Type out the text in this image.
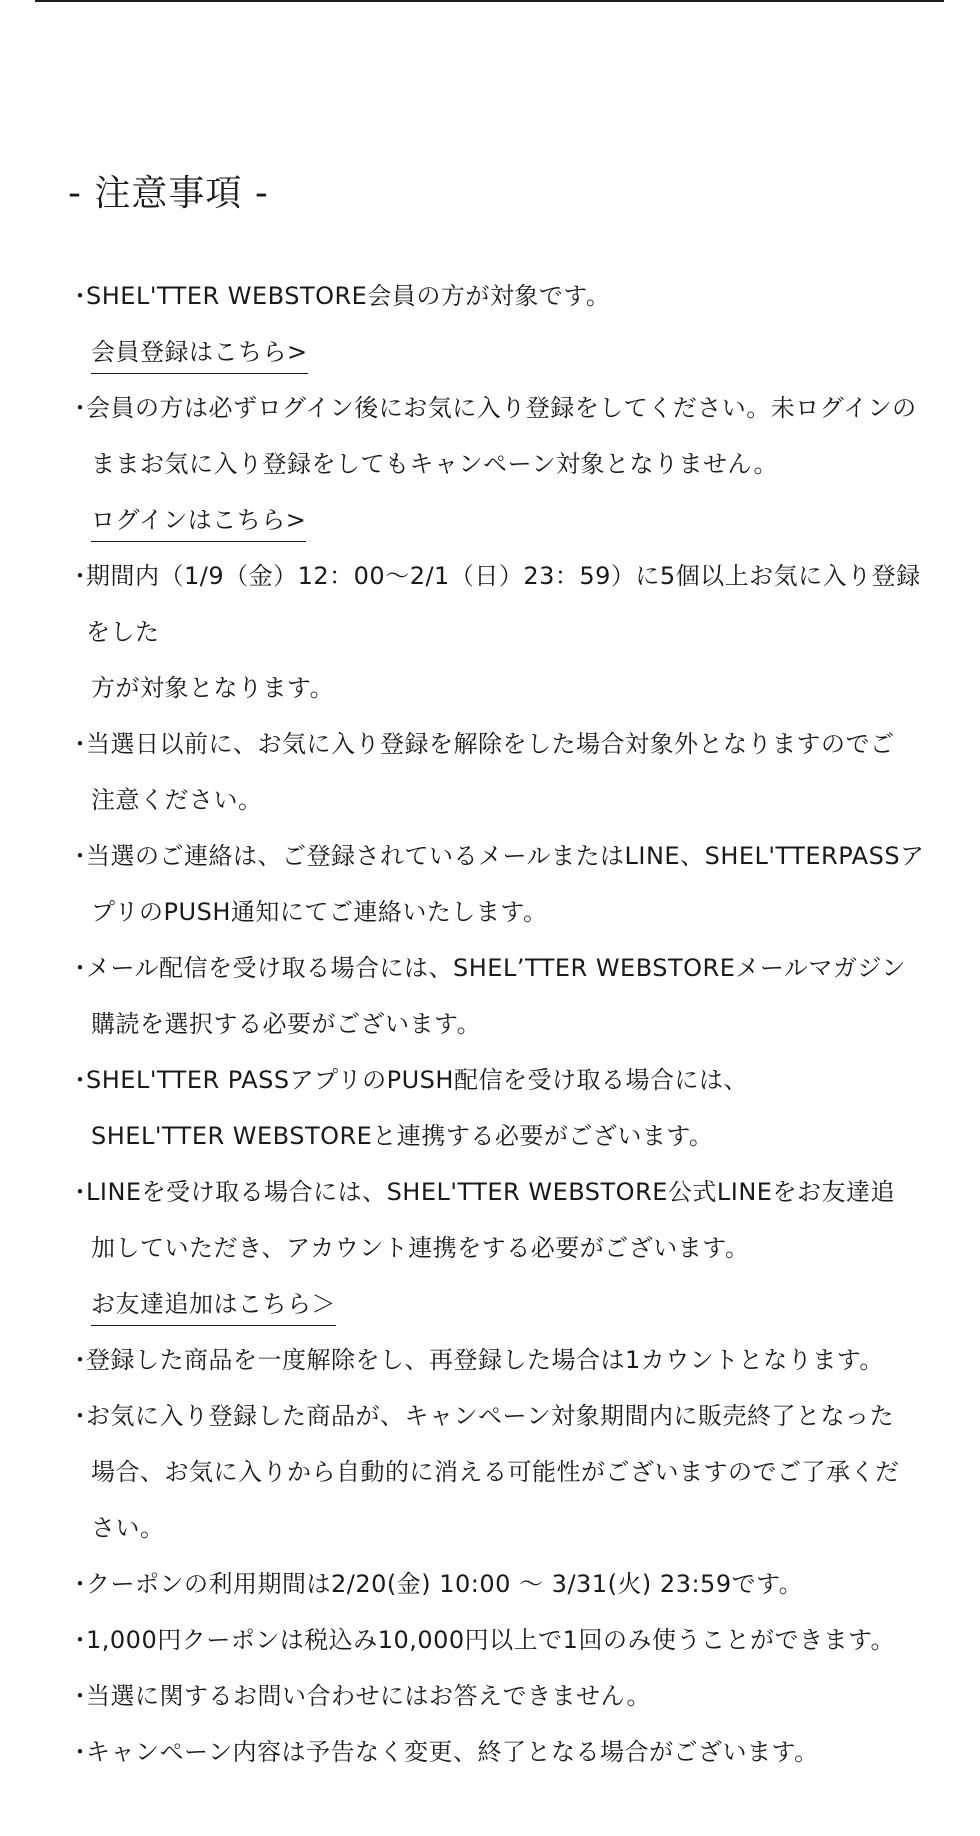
- 注意事項 -
・
SHEL'TTER WEBSTORE会員の方が対象です。
会員登録はこちら>
・
会員の方は必ずログイン後にお気に入り登録をしてください。未ログインの
ままお気に入り登録をしてもキャンペーン対象となりません。
ログインはこちら>
・
期間内（1/9（金）12：00〜2/1（日）23：59）に5個以上お気に入り登録をした
方が対象となります。
・
当選日以前に、お気に入り登録を解除をした場合対象外となりますのでご
注意ください。
・
当選のご連絡は、ご登録されているメールまたはLINE、SHEL'TTERPASSア
プリのPUSH通知にてご連絡いたします。
・
メール配信を受け取る場合には、SHEL’TTER WEBSTOREメールマガジン
購読を選択する必要がございます。
・
SHEL'TTER PASSアプリのPUSH配信を受け取る場合には、
SHEL'TTER WEBSTOREと連携する必要がございます。
・
LINEを受け取る場合には、SHEL'TTER WEBSTORE公式LINEをお友達追
加していただき、アカウント連携をする必要がございます。
お友達追加はこちら＞
・
登録した商品を一度解除をし、再登録した場合は1カウントとなります。
・
お気に入り登録した商品が、キャンペーン対象期間内に販売終了となった
場合、お気に入りから自動的に消える可能性がございますのでご了承くだ
さい。
・
クーポンの利用期間は2/20(金) 10:00 〜 3/31(火) 23:59です。
・
1,000円クーポンは税込み10,000円以上で1回のみ使うことができます。
・
当選に関するお問い合わせにはお答えできません。
・
キャンペーン内容は予告なく変更、終了となる場合がございます。
